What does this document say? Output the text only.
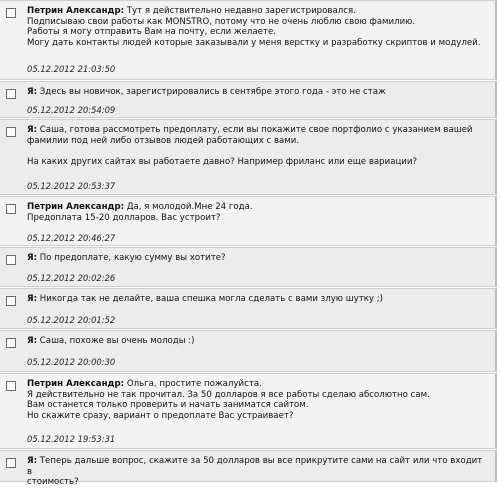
Петрин Александр: Тут я действительно недавно зарегистрировался.
Подписываю свои работы как MONSTRO, потому что не очень люблю свою фамилию.
Работы я могу отправить Вам на почту, если желаете.
Могу дать контакты людей которые заказывали у меня верстку и разработку скриптов и модулей.
05.12.2012 21:03:50
Я: Здесь вы новичок, зарегистрировались в сентябре этого года - это не стаж
05.12.2012 20:54:09
Я: Саша, готова рассмотреть предоплату, если вы покажите свое портфолио с указанием вашей
фамилии под ней либо отзывов людей работающих с вами.

На каких других сайтах вы работаете давно? Например фриланс или еще вариации?
05.12.2012 20:53:37
Петрин Александр: Да, я молодой.Мне 24 года.
Предоплата 15-20 долларов. Вас устроит?
05.12.2012 20:46:27
Я: По предоплате, какую сумму вы хотите?
05.12.2012 20:02:26
Я: Никогда так не делайте, ваша спешка могла сделать с вами злую шутку ;)
05.12.2012 20:01:52
Я: Саша, похоже вы очень молоды :)
05.12.2012 20:00:30
Петрин Александр: Ольга, простите пожалуйста.
Я действительно не так прочитал. За 50 долларов я все работы сделаю абсолютно сам.
Вам останется только проверить и начать заниматся сайтом.
Но скажите сразу, вариант о предоплате Вас устраивает?
05.12.2012 19:53:31
Я: Теперь дальше вопрос, скажите за 50 долларов вы все прикрутите сами на сайт или что входит в
стоимость?
